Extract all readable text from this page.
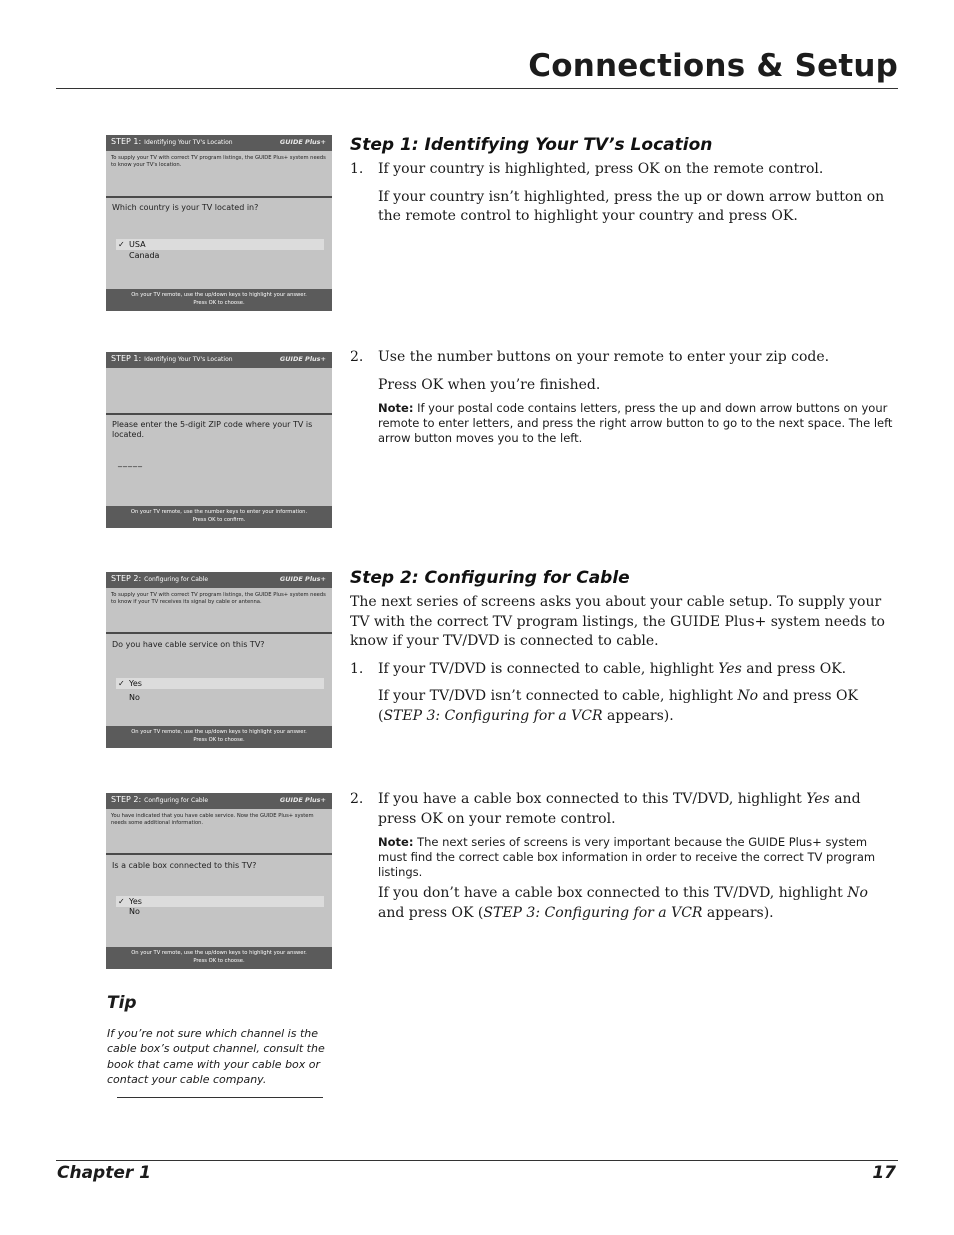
Connections & Setup
STEP 1: Identifying Your TV's Location	GUIDE Plus+
To supply your TV with correct TV program listings, the GUIDE Plus+ system needs to know your TV's location.
Which country is your TV located in?
✓ USA
Canada
On your TV remote, use the up/down keys to highlight your answer.
Press OK to choose.
STEP 1: Identifying Your TV's Location	GUIDE Plus+
Please enter the 5-digit ZIP code where your TV is located.
_____
On your TV remote, use the number keys to enter your information.
Press OK to confirm.
STEP 2: Configuring for Cable	GUIDE Plus+
To supply your TV with correct TV program listings, the GUIDE Plus+ system needs to know if your TV receives its signal by cable or antenna.
Do you have cable service on this TV?
✓ Yes
No
On your TV remote, use the up/down keys to highlight your answer.
Press OK to choose.
STEP 2: Configuring for Cable	GUIDE Plus+
You have indicated that you have cable service. Now the GUIDE Plus+ system needs some additional information.
Is a cable box connected to this TV?
✓ Yes
No
On your TV remote, use the up/down keys to highlight your answer.
Press OK to choose.
Step 1: Identifying Your TV’s Location
1. If your country is highlighted, press OK on the remote control.
If your country isn’t highlighted, press the up or down arrow button on the remote control to highlight your country and press OK.
2. Use the number buttons on your remote to enter your zip code.
Press OK when you’re finished.
Note: If your postal code contains letters, press the up and down arrow buttons on your remote to enter letters, and press the right arrow button to go to the next space. The left arrow button moves you to the left.
Step 2: Configuring for Cable

The next series of screens asks you about your cable setup. To supply your TV with the correct TV program listings, the GUIDE Plus+ system needs to know if your TV/DVD is connected to cable.

1. If your TV/DVD is connected to cable, highlight Yes and press OK.
If your TV/DVD isn’t connected to cable, highlight No and press OK (STEP 3: Configuring for a VCR appears).
2. If you have a cable box connected to this TV/DVD, highlight Yes and press OK on your remote control.
Note: The next series of screens is very important because the GUIDE Plus+ system must find the correct cable box information in order to receive the correct TV program listings.
If you don’t have a cable box connected to this TV/DVD, highlight No and press OK (STEP 3: Configuring for a VCR appears).
Tip

If you’re not sure which channel is the cable box’s output channel, consult the book that came with your cable box or contact your cable company.

Chapter 1	17
